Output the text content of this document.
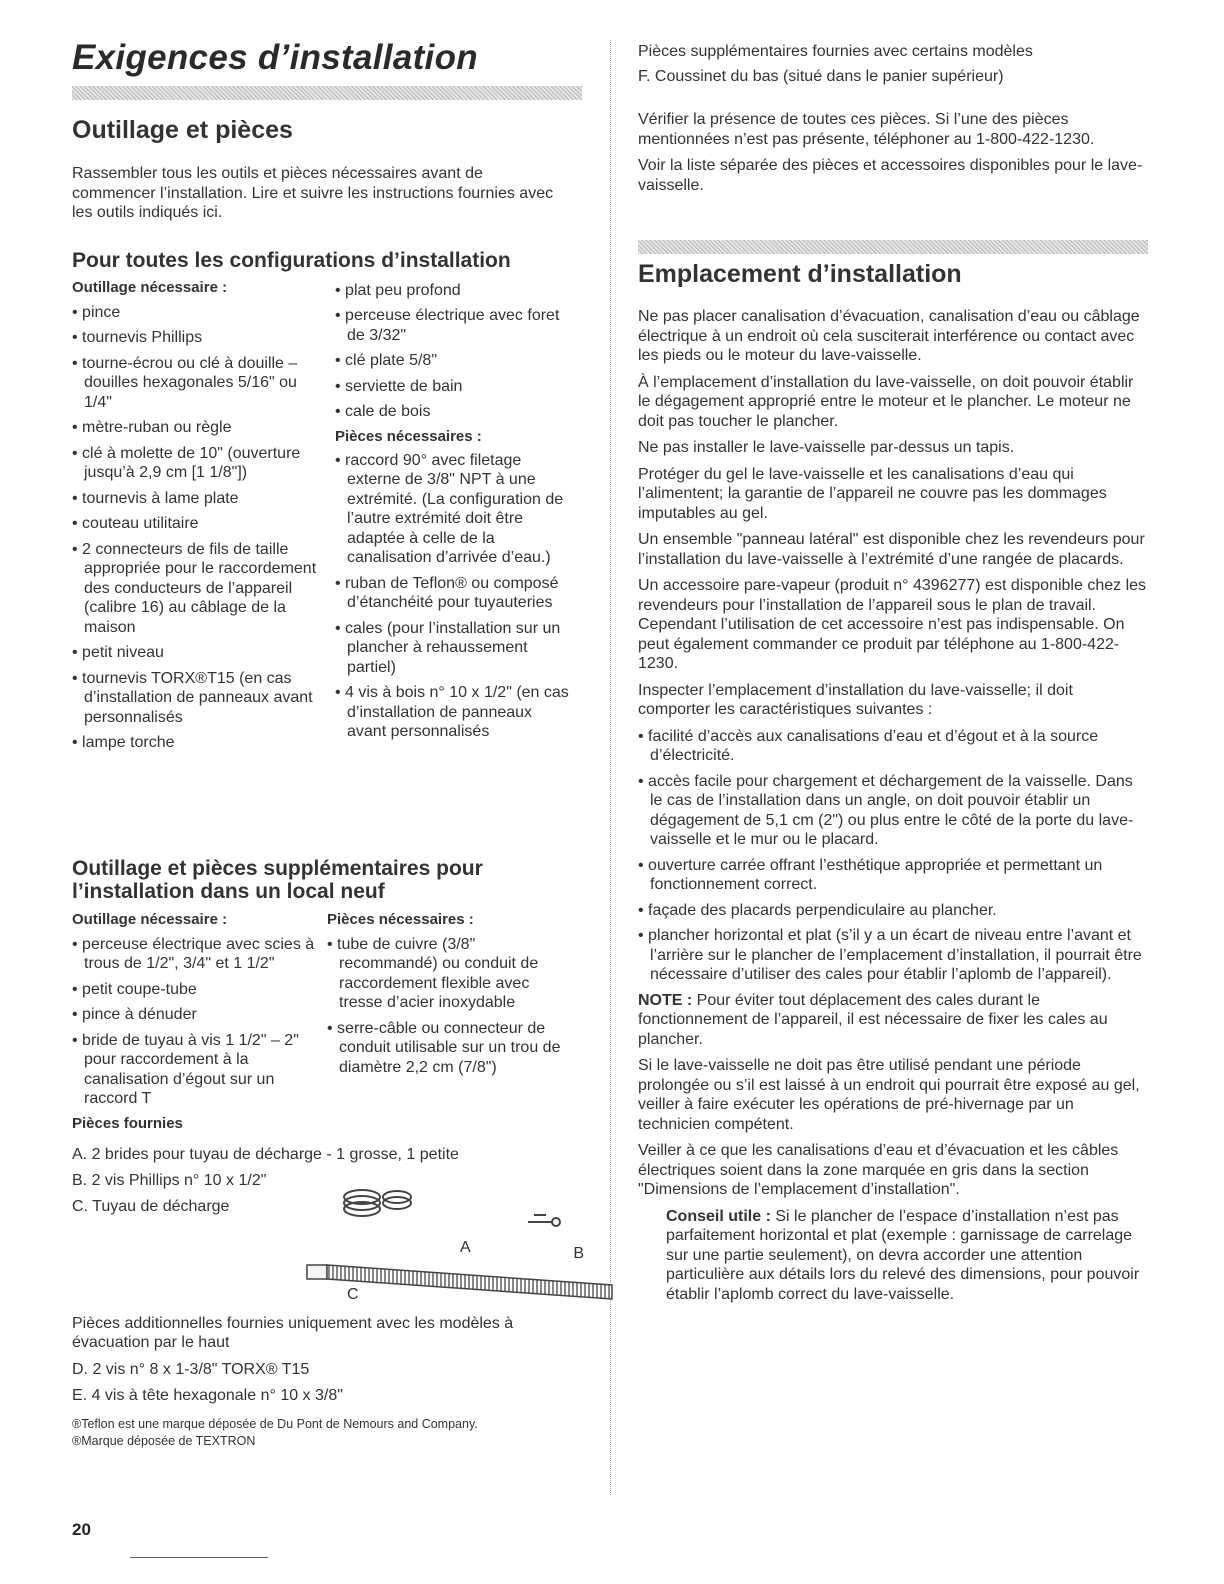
Exigences d’installation
Outillage et pièces

Rassembler tous les outils et pièces nécessaires avant de commencer l’installation. Lire et suivre les instructions fournies avec les outils indiqués ici.

Pour toutes les configurations d’installation

Outillage nécessaire :

• pince
• tournevis Phillips
• tourne-écrou ou clé à douille – douilles hexagonales 5/16" ou 1/4"
• mètre-ruban ou règle
• clé à molette de 10" (ouverture jusqu’à 2,9 cm [1 1/8"])
• tournevis à lame plate
• couteau utilitaire
• 2 connecteurs de fils de taille appropriée pour le raccordement des conducteurs de l’appareil (calibre 16) au câblage de la maison
• petit niveau
• tournevis TORX®T15 (en cas d’installation de panneaux avant personnalisés
• lampe torche
• plat peu profond
• perceuse électrique avec foret de 3/32"
• clé plate 5/8"
• serviette de bain
• cale de bois

Pièces nécessaires :

• raccord 90° avec filetage externe de 3/8" NPT à une extrémité. (La configuration de l’autre extrémité doit être adaptée à celle de la canalisation d’arrivée d’eau.)
• ruban de Teflon® ou composé d’étanchéité pour tuyauteries
• cales (pour l’installation sur un plancher à rehaussement partiel)
• 4 vis à bois n° 10 x 1/2" (en cas d’installation de panneaux avant personnalisés
Outillage et pièces supplémentaires pour l’installation dans un local neuf

Outillage nécessaire :

• perceuse électrique avec scies à trous de 1/2", 3/4" et 1 1/2"
• petit coupe-tube
• pince à dénuder
• bride de tuyau à vis 1 1/2" – 2" pour raccordement à la canalisation d’égout sur un raccord T

Pièces fournies

Pièces nécessaires :

• tube de cuivre (3/8" recommandé) ou conduit de raccordement flexible avec tresse d’acier inoxydable
• serre-câble ou connecteur de conduit utilisable sur un trou de diamètre 2,2 cm (7/8")

A. 2 brides pour tuyau de décharge - 1 grosse, 1 petite

B. 2 vis Phillips n° 10 x 1/2"

C. Tuyau de décharge

A	B
C

Pièces additionnelles fournies uniquement avec les modèles à évacuation par le haut

D. 2 vis n° 8 x 1-3/8" TORX® T15

E. 4 vis à tête hexagonale n° 10 x 3/8"

®Teflon est une marque déposée de Du Pont de Nemours and Company.

®Marque déposée de TEXTRON

20

Pièces supplémentaires fournies avec certains modèles

F. Coussinet du bas (situé dans le panier supérieur)

Vérifier la présence de toutes ces pièces. Si l’une des pièces mentionnées n’est pas présente, téléphoner au 1-800-422-1230.

Voir la liste séparée des pièces et accessoires disponibles pour le lave-vaisselle.

Emplacement d’installation

Ne pas placer canalisation d’évacuation, canalisation d’eau ou câblage électrique à un endroit où cela susciterait interférence ou contact avec les pieds ou le moteur du lave-vaisselle.

À l’emplacement d’installation du lave-vaisselle, on doit pouvoir établir le dégagement approprié entre le moteur et le plancher. Le moteur ne doit pas toucher le plancher.

Ne pas installer le lave-vaisselle par-dessus un tapis.

Protéger du gel le lave-vaisselle et les canalisations d’eau qui l’alimentent; la garantie de l’appareil ne couvre pas les dommages imputables au gel.

Un ensemble "panneau latéral" est disponible chez les revendeurs pour l’installation du lave-vaisselle à l’extrémité d’une rangée de placards.

Un accessoire pare-vapeur (produit n° 4396277) est disponible chez les revendeurs pour l’installation de l’appareil sous le plan de travail. Cependant l’utilisation de cet accessoire n’est pas indispensable. On peut également commander ce produit par téléphone au 1-800-422-1230.

Inspecter l’emplacement d’installation du lave-vaisselle; il doit comporter les caractéristiques suivantes :

• facilité d’accès aux canalisations d’eau et d’égout et à la source d’électricité.
• accès facile pour chargement et déchargement de la vaisselle. Dans le cas de l’installation dans un angle, on doit pouvoir établir un dégagement de 5,1 cm (2") ou plus entre le côté de la porte du lave-vaisselle et le mur ou le placard.
• ouverture carrée offrant l’esthétique appropriée et permettant un fonctionnement correct.
• façade des placards perpendiculaire au plancher.
• plancher horizontal et plat (s’il y a un écart de niveau entre l’avant et l’arrière sur le plancher de l’emplacement d’installation, il pourrait être nécessaire d’utiliser des cales pour établir l’aplomb de l’appareil).

NOTE : Pour éviter tout déplacement des cales durant le fonctionnement de l’appareil, il est nécessaire de fixer les cales au plancher.

Si le lave-vaisselle ne doit pas être utilisé pendant une période prolongée ou s’il est laissé à un endroit qui pourrait être exposé au gel, veiller à faire exécuter les opérations de pré-hivernage par un technicien compétent.

Veiller à ce que les canalisations d’eau et d’évacuation et les câbles électriques soient dans la zone marquée en gris dans la section "Dimensions de l’emplacement d’installation".

Conseil utile : Si le plancher de l’espace d’installation n’est pas parfaitement horizontal et plat (exemple : garnissage de carrelage sur une partie seulement), on devra accorder une attention particulière aux détails lors du relevé des dimensions, pour pouvoir établir l’aplomb correct du lave-vaisselle.
